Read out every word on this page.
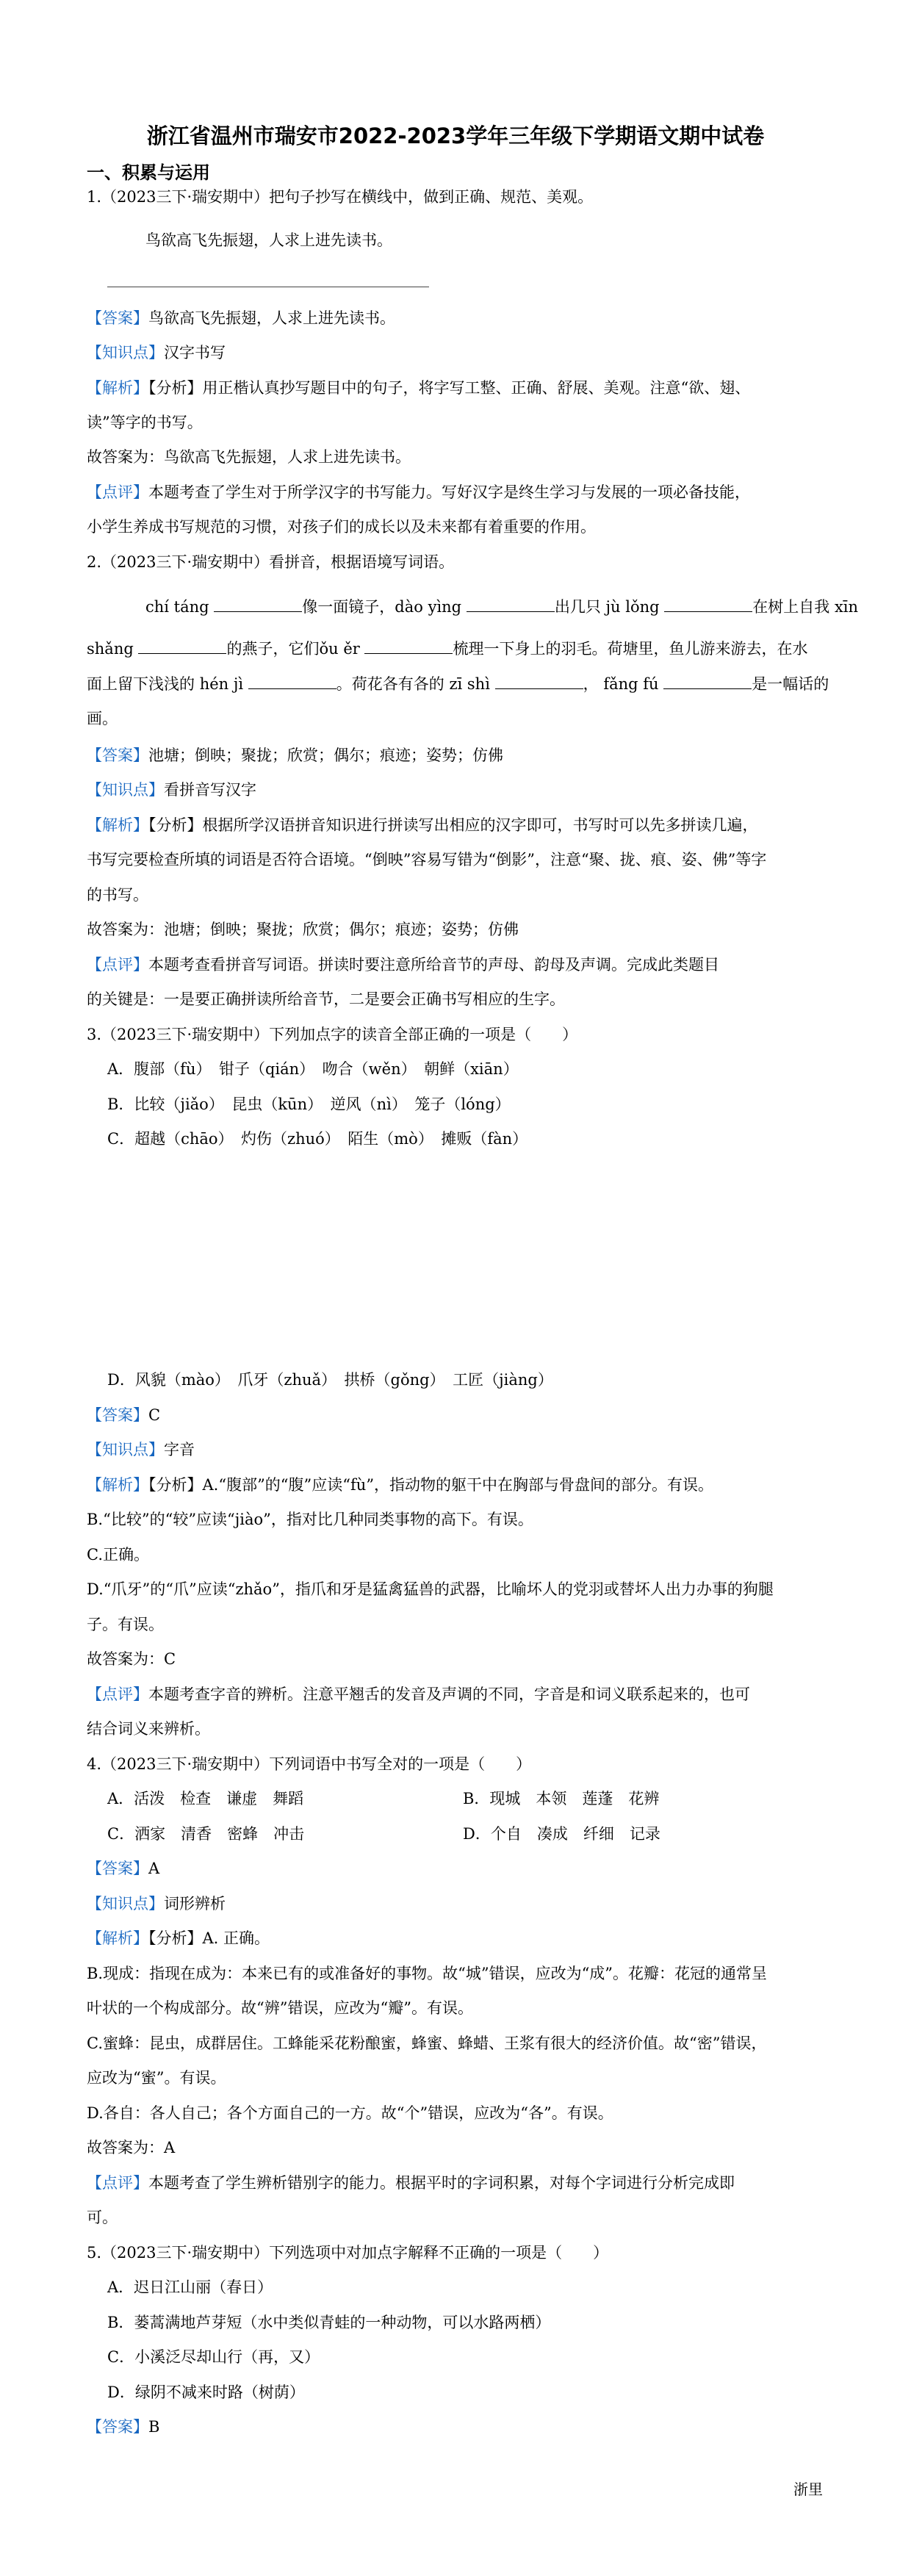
浙江省温州市瑞安市2022-2023学年三年级下学期语文期中试卷
一、积累与运用
1.（2023三下·瑞安期中）把句子抄写在横线中，做到正确、规范、美观。
鸟欲高飞先振翅，人求上进先读书。
【答案】鸟欲高飞先振翅，人求上进先读书。
【知识点】汉字书写
【解析】【分析】用正楷认真抄写题目中的句子，将字写工整、正确、舒展、美观。注意“欲、翅、
读”等字的书写。
故答案为：鸟欲高飞先振翅，人求上进先读书。
【点评】本题考查了学生对于所学汉字的书写能力。写好汉字是终生学习与发展的一项必备技能，
小学生养成书写规范的习惯，对孩子们的成长以及未来都有着重要的作用。
2.（2023三下·瑞安期中）看拼音，根据语境写词语。
chí táng	像一面镜子，dào yìng	出几只 jù lǒng	在树上自我 xīn
shǎng	的燕子，它们ǒu ěr	梳理一下身上的羽毛。荷塘里，鱼儿游来游去，在水
面上留下浅浅的 hén jì	。荷花各有各的 zī shì	， fǎng fú	是一幅话的
画。
【答案】池塘；倒映；聚拢；欣赏；偶尔；痕迹；姿势；仿佛
【知识点】看拼音写汉字
【解析】【分析】根据所学汉语拼音知识进行拼读写出相应的汉字即可，书写时可以先多拼读几遍，
书写完要检查所填的词语是否符合语境。“倒映”容易写错为“倒影”，注意“聚、拢、痕、姿、佛”等字
的书写。
故答案为：池塘；倒映；聚拢；欣赏；偶尔；痕迹；姿势；仿佛
【点评】本题考查看拼音写词语。拼读时要注意所给音节的声母、韵母及声调。完成此类题目
的关键是：一是要正确拼读所给音节，二是要会正确书写相应的生字。
3.（2023三下·瑞安期中）下列加点字的读音全部正确的一项是（　　）
A．腹部（fù）　钳子（qián）　吻合（wěn）　朝鲜（xiān）
B．比较（jiǎo）　昆虫（kūn）　逆风（nì）　笼子（lóng）
C．超越（chāo）　灼伤（zhuó）　陌生（mò）　摊贩（fàn）
D．风貌（mào）　爪牙（zhuǎ）　拱桥（gǒng）　工匠（jiàng）
【答案】C
【知识点】字音
【解析】【分析】A.“腹部”的“腹”应读“fù”，指动物的躯干中在胸部与骨盘间的部分。有误。
B.“比较”的“较”应读“jiào”，指对比几种同类事物的高下。有误。
C.正确。
D.“爪牙”的“爪”应读“zhǎo”，指爪和牙是猛禽猛兽的武器，比喻坏人的党羽或替坏人出力办事的狗腿
子。有误。
故答案为：C
【点评】本题考查字音的辨析。注意平翘舌的发音及声调的不同，字音是和词义联系起来的，也可
结合词义来辨析。
4.（2023三下·瑞安期中）下列词语中书写全对的一项是（　　）
A．活泼　检查　谦虚　舞蹈	B．现城　本领　莲蓬　花辨
C．洒家　清香　密蜂　冲击	D．个自　凑成　纤细　记录
【答案】A
【知识点】词形辨析
【解析】【分析】A. 正确。
B.现成：指现在成为：本来已有的或准备好的事物。故“城”错误，应改为“成”。花瓣：花冠的通常呈
叶状的一个构成部分。故“辨”错误，应改为“瓣”。有误。
C.蜜蜂：昆虫，成群居住。工蜂能采花粉酿蜜，蜂蜜、蜂蜡、王浆有很大的经济价值。故“密”错误，
应改为“蜜”。有误。
D.各自：各人自己；各个方面自己的一方。故“个”错误，应改为“各”。有误。
故答案为：A
【点评】本题考查了学生辨析错别字的能力。根据平时的字词积累，对每个字词进行分析完成即
可。
5.（2023三下·瑞安期中）下列选项中对加点字解释不正确的一项是（　　）
A．迟日江山丽（春日）
B．蒌蒿满地芦芽短（水中类似青蛙的一种动物，可以水路两栖）
C．小溪泛尽却山行（再，又）
D．绿阴不减来时路（树荫）
【答案】B
浙里
